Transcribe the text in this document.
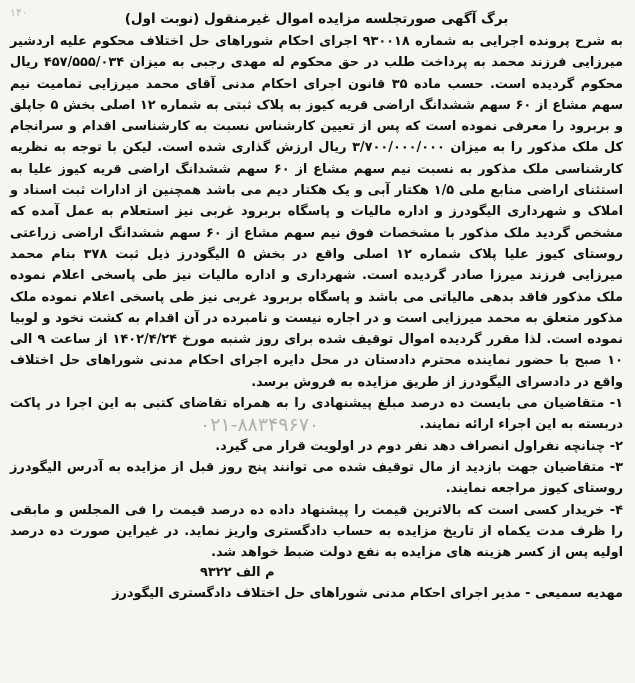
۱۴۰	برگ آگهی صورتجلسه مزایده اموال غیرمنقول (نوبت اول)

به شرح پرونده اجرایی به شماره ۹۳۰۰۱۸ اجرای احکام شوراهای حل اختلاف محکوم علیه اردشیر میرزایی فرزند محمد به پرداخت طلب در حق محکوم له مهدی رجبی به میزان ۴۵۷/۵۵۵/۰۳۴ ریال محکوم گردیده است. حسب ماده ۳۵ قانون اجرای احکام مدنی آقای محمد میرزایی تمامیت نیم سهم مشاع از ۶۰ سهم ششدانگ اراضی قریه کیوز به پلاک ثبتی به شماره ۱۲ اصلی بخش ۵ جاپلق و بربرود را معرفی نموده است که پس از تعیین کارشناس نسبت به کارشناسی اقدام و سرانجام کل ملک مذکور را به میزان ۳/۷۰۰/۰۰۰/۰۰۰ ریال ارزش گذاری شده است. لیکن با توجه به نظریه کارشناسی ملک مذکور به نسبت نیم سهم مشاع از ۶۰ سهم ششدانگ اراضی قریه کیوز علیا به استثنای اراضی منابع ملی ۱/۵ هکتار آبی و یک هکتار دیم می باشد همچنین از ادارات ثبت اسناد و املاک و شهرداری الیگودرز و اداره مالیات و پاسگاه بربرود غربی نیز استعلام به عمل آمده که مشخص گردید ملک مذکور با مشخصات فوق نیم سهم مشاع از ۶۰ سهم ششدانگ اراضی زراعتی روستای کیوز علیا پلاک شماره ۱۲ اصلی واقع در بخش ۵ الیگودرز ذیل ثبت ۳۷۸ بنام محمد میرزایی فرزند میرزا صادر گردیده است. شهرداری و اداره مالیات نیز طی پاسخی اعلام نموده ملک مذکور فاقد بدهی مالیاتی می باشد و پاسگاه بربرود غربی نیز طی پاسخی اعلام نموده ملک مذکور متعلق به محمد میرزایی است و در اجاره نیست و نامبرده در آن اقدام به کشت نخود و لوبیا نموده است. لذا مقرر گردیده اموال توقیف شده برای روز شنبه مورخ ۱۴۰۲/۴/۲۴ از ساعت ۹ الی ۱۰ صبح با حضور نماینده محترم دادستان در محل دایره اجرای احکام مدنی شوراهای حل اختلاف واقع در دادسرای الیگودرز از طریق مزایده به فروش برسد.

۱- متقاضیان می بایست ده درصد مبلغ پیشنهادی را به همراه تقاضای کتبی به این اجرا در پاکت دربسته به این اجراء ارائه نمایند.
۰۲۱-۸۸۳۴۹۶۷۰

۲- چنانچه نفراول انصراف دهد نفر دوم در اولویت قرار می گیرد.

۳- متقاضیان جهت بازدید از مال توقیف شده می توانند پنج روز قبل از مزایده به آدرس الیگودرز روستای کیوز مراجعه نمایند.

۴- خریدار کسی است که بالاترین قیمت را پیشنهاد داده ده درصد قیمت را فی المجلس و مابقی را ظرف مدت یکماه از تاریخ مزایده به حساب دادگستری واریز نماید. در غیراین صورت ده درصد اولیه پس از کسر هزینه های مزایده به نفع دولت ضبط خواهد شد.

م الف ۹۳۲۲

مهدیه سمیعی - مدیر اجرای احکام مدنی شوراهای حل اختلاف دادگستری الیگودرز
